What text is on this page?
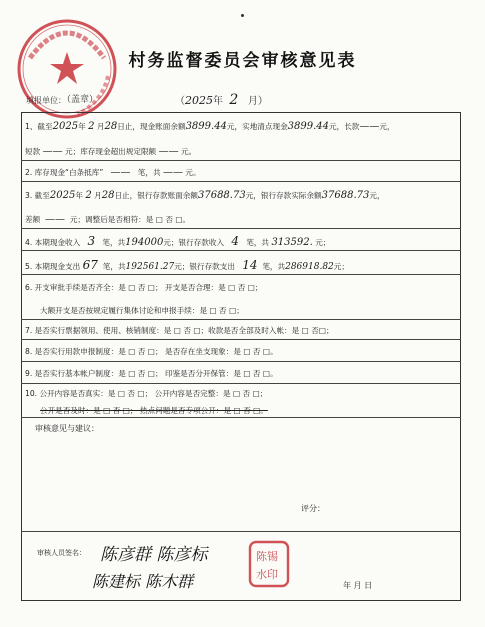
村务监督委员会审核意见表
填报单位：
（盖章）	（2025年 2 月）
1、截至2025年 2 月28日止，现金账面余额3899.44元，实地清点现金3899.44元，长款——元，
短款 —— 元；库存现金超出规定限额 —— 元。
2. 库存现金“白条抵库” —— 笔，共 —— 元。
3. 截至2025年 2 月28日止，银行存款账面余额37688.73元，银行存款实际余额37688.73元，
差额 —— 元；调整后是否相符：是 □ 否 □。
4. 本期现金收入 3 笔，共194000元；银行存款收入 4 笔，共 313592. 元；
5. 本期现金支出 67 笔，共192561.27元；银行存款支出 14 笔，共286918.82元；
6. 开支审批手续是否齐全：是 □ 否 □； 开支是否合理：是 □ 否 □；
大额开支是否按规定履行集体讨论和申报手续：是 □ 否 □；
7. 是否实行票据领用、使用、核销制度：是 □ 否 □；收款是否全部及时入帐：是 □ 否□；
8. 是否实行用款申报制度：是 □ 否 □； 是否存在坐支现象：是 □ 否 □。
9. 是否实行基本帐户制度：是 □ 否 □； 印鉴是否分开保管：是 □ 否 □。
10. 公开内容是否真实：是 □ 否 □； 公开内容是否完整：是 □ 否 □；
公开是否及时：是 □ 否 □； 热点问题是否专项公开：是 □ 否 □。
审核意见与建议：
评分：
审核人员签名： 陈彦群 陈彦标
陈建标 陈木群
陈锡
水印
年 月 日
